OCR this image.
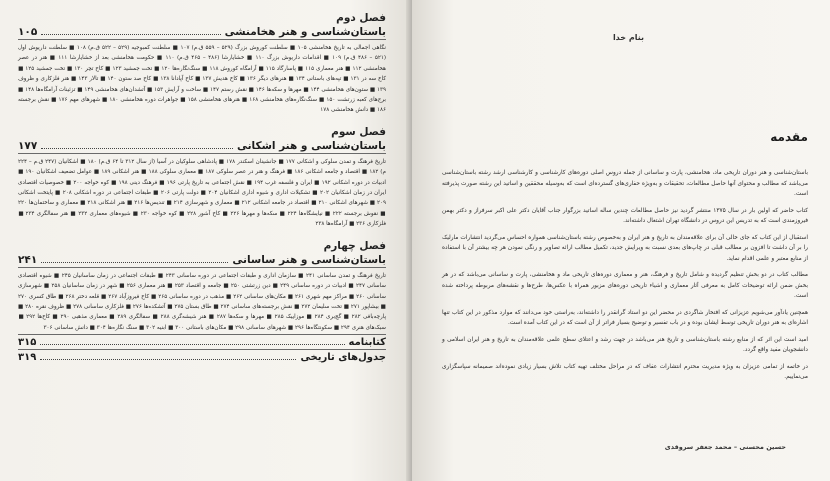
فصل دوم
باستان‌شناسی و هنر هخامنشی
۱۰۵

نگاهی اجمالی به تاریخ هخامنشی ۱۰۵ ■ سلطنت کوروش بزرگ (۵۲۹ – ۵۵۹ ق.م) ۱۰۷ ■ سلطنت کمبوجیه (۵۲۹ – ۵۲۲ ق.م) ۱۰۸ ■ سلطنت داریوش اول (۵۲۱ – ۴۸۶ ق.م) ۱۰۹ ■ اقدامات داریوش بزرگ ۱۱۰ ■ خشایارشا (۴۸۶ – ۴۶۵ ق.م) ۱۱۰ ■ حکومت هخامنشی بعد از خشایارشا ۱۱۱ ■ هنر در عصر هخامنشی ۱۱۲ ■ هنر معماری ۱۱۵ ■ پاسارگاد ۱۱۵ ■ آرامگاه کوروش ۱۱۸ ■ سنگ‌نگاره‌ها ۱۲۰ ■ تخت جمشید ۱۲۳ ■ کاخ تچر ۱۳۰ ■ تخت جمشید ۱۲۵ ■ کاخ سه در ۱۳۱ ■ تپه‌های باستانی ۱۳۴ ■ هنرهای دیگر ۱۳۶ ■ کاخ هدیش ۱۳۷ ■ کاخ آپادانا ۱۳۸ ■ کاخ صد ستون ۱۴۰ ■ تالار ۱۴۳ ■ هنر فلزکاری و ظروف ۱۳۹ ■ ستون‌های هخامنشی ۱۴۴ ■ مهرها و سکه‌ها ۱۴۶ ■ نقش رستم ۱۴۷ ■ ساخت و آرایش ۱۵۳ ■ آتشدان‌های هخامنشی ۱۴۹ ■ تزئینات آرامگاه‌ها ۱۴۸ ■ برج‌های کعبه زرتشت ۱۵۰ ■ سنگ‌نگاره‌های هخامنشی ۱۶۸ ■ هنرهای هخامنشی ۱۵۸ ■ جواهرات دوره هخامنشی ۱۸۰ ■ شهرهای مهم ۱۷۶ ■ نقش برجسته ۱۸۶ ■ دانش هخامنشی ۱۷۸

فصل سوم
باستان‌شناسی و هنر اشکانی
۱۷۷

تاریخ فرهنگ و تمدن سلوکی و اشکانی ۱۷۷ ■ جانشینان اسکندر ۱۷۸ ■ پادشاهی سلوکیان در آسیا (از سال ۳۱۲ تا ۶۴ ق.م) ۱۸۰ ■ اشکانیان (۲۴۷ ق.م – ۲۲۴ م) ۱۸۲ ■ اقتصاد و جامعه اشکانی ۱۸۶ ■ فرهنگ و هنر در عصر سلوکی ۱۸۷ ■ معماری سلوکی ۱۸۸ ■ هنر اشکانی ۱۸۹ ■ عوامل تضعیف اشکانیان ۱۹۰ ■ ادبیات در دوره اشکانی ۱۹۲ ■ ایران و فلسفه غرب ۱۹۴ ■ نقش اجتماعی به تاریخ پارتی ۱۹۶ ■ فرهنگ دینی ۱۹۸ ■ کوه خواجه ۲۰۰ ■ خصوصیات اقتصادی ایران در زمان اشکانیان ۲۰۲ ■ تشکیلات اداری و شیوه اداری اشکانیان ۲۰۴ ■ دولت پارتی ۲۰۶ ■ طبقات اجتماعی در دوره اشکانی ۲۰۸ ■ پایتخت اشکانی ۲۰۹ ■ شهرهای اشکانی ۲۱۰ ■ اقتصاد در جامعه اشکانی ۲۱۲ ■ معماری و شهرسازی ۲۱۴ ■ تندیس‌ها ۲۱۶ ■ هنر اشکانی ۲۱۸ ■ معماری و ساختمان‌ها ۲۲۰ ■ نقوش برجسته ۲۲۲ ■ نیایشگاه‌ها ۲۲۴ ■ سکه‌ها و مهرها ۲۲۶ ■ کاخ آشور ۲۲۸ ■ کوه خواجه ۲۳۰ ■ شیوه‌های معماری ۲۳۲ ■ هنر سفالگری ۲۳۴ ■ فلزکاری ۲۳۶ ■ آرامگاه‌ها ۲۳۸

فصل چهارم
باستان‌شناسی و هنر ساسانی
۲۴۱

تاریخ فرهنگ و تمدن ساسانی ۲۴۱ ■ سازمان اداری و طبقات اجتماعی در دوره ساسانی ۲۴۳ ■ طبقات اجتماعی در زمان ساسانیان ۲۴۵ ■ شیوه اقتصادی ساسانی ۲۴۷ ■ ادبیات در دوره ساسانی ۲۴۹ ■ دین زرتشتی ۲۵۰ ■ جامعه و اقتصاد ۲۵۳ ■ هنر معماری ۲۵۶ ■ شهر در زمان ساسانیان ۲۵۸ ■ شهرسازی ساسانی ۲۶۰ ■ مراکز مهم شهری ۲۶۱ ■ مکان‌های ساسانی ۲۶۲ ■ مذهب در دوره ساسانی ۲۶۵ ■ کاخ فیروزآباد ۲۶۷ ■ قلعه دختر ۲۶۸ ■ طاق کسری ۲۷۰ ■ بیشاپور ۲۷۱ ■ تخت سلیمان ۲۷۲ ■ نقش برجسته‌های ساسانی ۲۷۴ ■ طاق بستان ۲۷۵ ■ آتشکده‌ها ۲۷۶ ■ فلزکاری ساسانی ۲۷۸ ■ ظروف نقره ۲۸۰ ■ پارچه‌بافی ۲۸۲ ■ گچ‌بری ۲۸۴ ■ موزاییک ۲۸۵ ■ مهرها و سکه‌ها ۲۸۷ ■ هنر شیشه‌گری ۲۸۸ ■ سفالگری ۲۸۹ ■ معماری مذهبی ۲۹۰ ■ کاخ‌ها ۲۹۲ ■ سبک‌های هنری ۲۹۴ ■ سکونتگاه‌ها ۲۹۶ ■ شهرهای ساسانی ۲۹۸ ■ مکان‌های باستانی ۳۰۰ ■ ابنیه ۳۰۲ ■ سنگ نگاره‌ها ۳۰۴ ■ دانش ساسانی ۳۰۶

کتابنامه
۳۱۵
جدول‌های تاریخی
۳۱۹
بنام خدا
مقدمه

باستان‌شناسی و هنر دوران تاریخی ماد، هخامنشی، پارت و ساسانی از جمله دروس اصلی دوره‌های کارشناسی و کارشناسی ارشد رشته باستان‌شناسی می‌باشد که مطالب و محتوای آنها حاصل مطالعات، تحقیقات و به‌ویژه حفاری‌های گسترده‌ای است که به‌وسیله محققین و اساتید این رشته صورت پذیرفته است.

کتاب حاضر که اولین بار در سال ۱۳۷۵ منتشر گردید نیز حاصل مطالعات چندین ساله اساتید بزرگوار جناب آقایان دکتر علی اکبر سرفراز و دکتر بهمن فیروزمندی است که به تدریس این دروس در دانشگاه تهران اشتغال داشته‌اند.

استقبال از این کتاب که جای خالی آن برای علاقه‌مندان به تاریخ و هنر ایران و به‌خصوص رشته باستان‌شناسی همواره احساس می‌گردید انتشارات مارلیک را بر آن داشت تا افزون بر مطالب قبلی در چاپ‌های بعدی نسبت به ویرایش جدید، تکمیل مطالب ارائه تصاویر و رنگی نمودن هر چه بیشتر آن با استفاده از منابع معتبر و علمی اقدام نماید.

مطالب کتاب در دو بخش تنظیم گردیده و شامل تاریخ و فرهنگ، هنر و معماری دوره‌های تاریخی ماد و هخامنشی، پارت و ساسانی می‌باشد که در هر بخش ضمن ارائه توضیحات کامل به معرفی آثار معماری و اشیاء تاریخی دوره‌های مزبور همراه با عکس‌ها، طرح‌ها و نقشه‌های مربوطه پرداخته شده است.

همچنین یادآور می‌شویم عزیزانی که افتخار شاگردی در محضر این دو استاد گرانقدر را داشته‌اند، به‌راستی خود می‌دانند که موارد مذکور در این کتاب تنها اشاره‌ای به هنر دوران تاریخی توسط ایشان بوده و در باب تفسیر و توضیح بسیار فراتر از آن است که در این کتاب آمده است.

امید است این اثر که از منابع رشته باستان‌شناسی و تاریخ هنر می‌باشد در جهت رشد و اعتلای سطح علمی علاقه‌مندان به تاریخ و هنر ایران اسلامی و دانشجویان مفید واقع گردد.

در خاتمه از تمامی عزیزان به ویژه مدیریت محترم انتشارات عفاف که در مراحل مختلف تهیه کتاب تلاش بسیار زیادی نموده‌اند صمیمانه سپاسگزاری می‌نماییم.

حسین محسنی – محمد جعفر سروقدی
